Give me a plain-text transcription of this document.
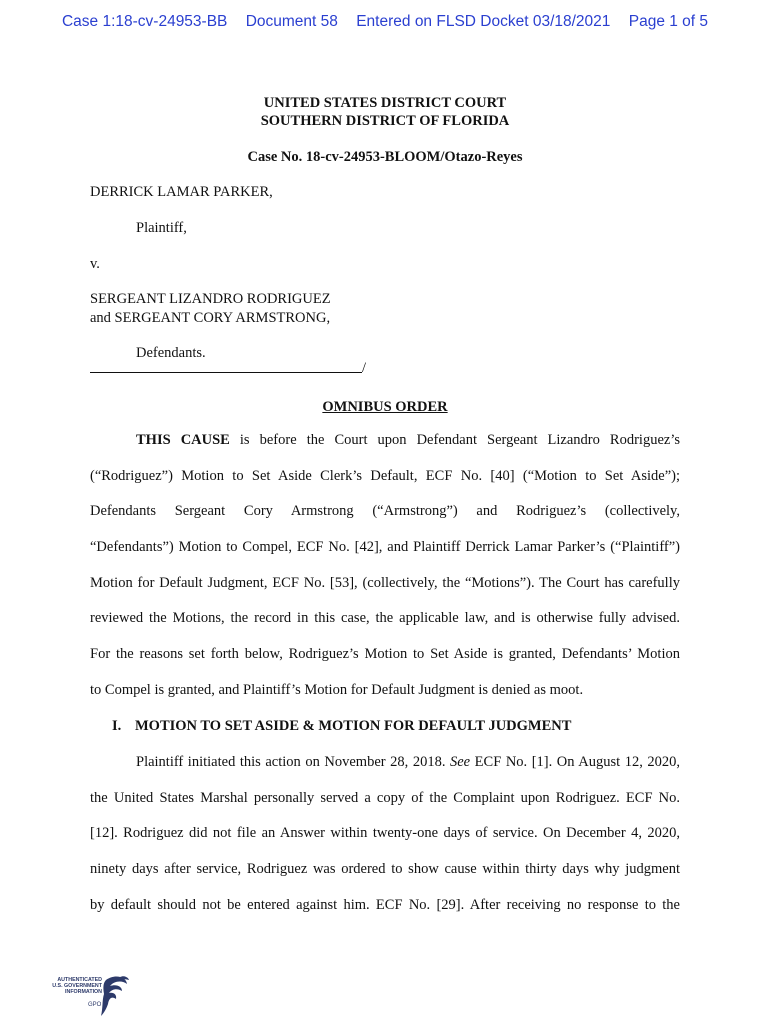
Case 1:18-cv-24953-BB Document 58 Entered on FLSD Docket 03/18/2021 Page 1 of 5
UNITED STATES DISTRICT COURT
SOUTHERN DISTRICT OF FLORIDA
Case No. 18-cv-24953-BLOOM/Otazo-Reyes
DERRICK LAMAR PARKER,
Plaintiff,
v.
SERGEANT LIZANDRO RODRIGUEZ
and SERGEANT CORY ARMSTRONG,
Defendants.
/
OMNIBUS ORDER
THIS CAUSE is before the Court upon Defendant Sergeant Lizandro Rodriguez’s
(“Rodriguez”) Motion to Set Aside Clerk’s Default, ECF No. [40] (“Motion to Set Aside”);
Defendants Sergeant Cory Armstrong (“Armstrong”) and Rodriguez’s (collectively,
“Defendants”) Motion to Compel, ECF No. [42], and Plaintiff Derrick Lamar Parker’s (“Plaintiff”)
Motion for Default Judgment, ECF No. [53], (collectively, the “Motions”). The Court has carefully
reviewed the Motions, the record in this case, the applicable law, and is otherwise fully advised.
For the reasons set forth below, Rodriguez’s Motion to Set Aside is granted, Defendants’ Motion
to Compel is granted, and Plaintiff’s Motion for Default Judgment is denied as moot.
I. MOTION TO SET ASIDE & MOTION FOR DEFAULT JUDGMENT
Plaintiff initiated this action on November 28, 2018. See ECF No. [1]. On August 12, 2020,
the United States Marshal personally served a copy of the Complaint upon Rodriguez. ECF No.
[12]. Rodriguez did not file an Answer within twenty-one days of service. On December 4, 2020,
ninety days after service, Rodriguez was ordered to show cause within thirty days why judgment
by default should not be entered against him. ECF No. [29]. After receiving no response to the
AUTHENTICATED
U.S. GOVERNMENT
INFORMATION
GPO
